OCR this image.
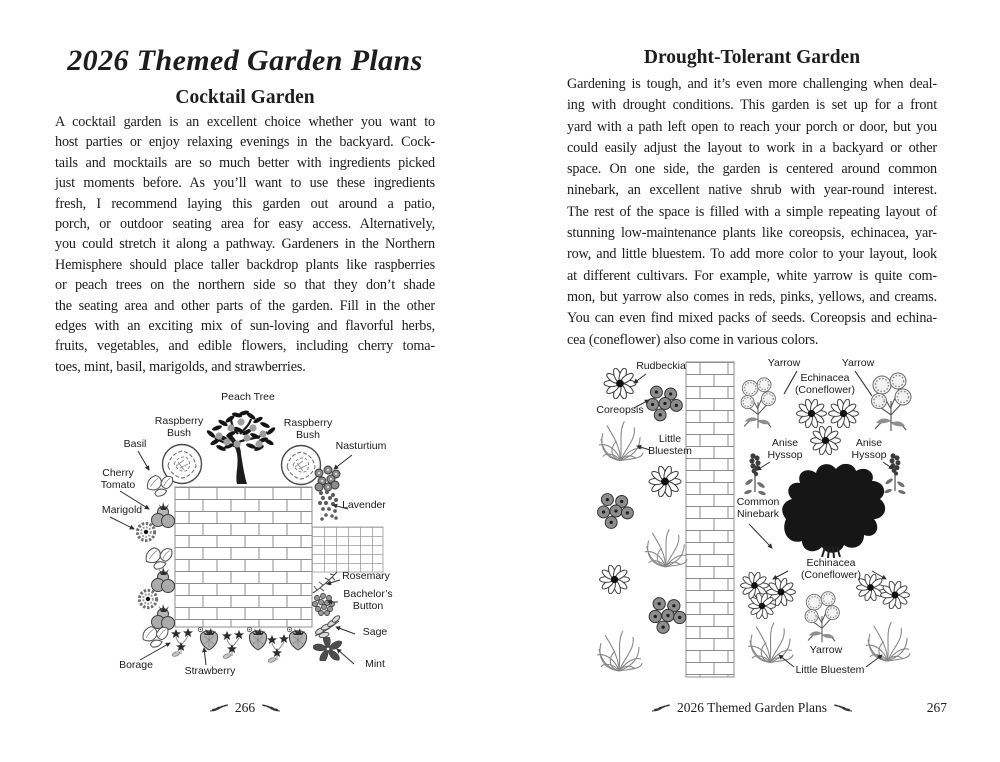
2026 Themed Garden Plans
Cocktail Garden
A cocktail garden is an excellent choice whether you want to
host parties or enjoy relaxing evenings in the backyard. Cock-
tails and mocktails are so much better with ingredients picked
just moments before. As you’ll want to use these ingredients
fresh, I recommend laying this garden out around a patio,
porch, or outdoor seating area for easy access. Alternatively,
you could stretch it along a pathway. Gardeners in the Northern
Hemisphere should place taller backdrop plants like raspberries
or peach trees on the northern side so that they don’t shade
the seating area and other parts of the garden. Fill in the other
edges with an exciting mix of sun-loving and flavorful herbs,
fruits, vegetables, and edible flowers, including cherry toma-
toes, mint, basil, marigolds, and strawberries.
Peach Tree
Raspberry Bush
Raspberry Bush
Basil
Cherry Tomato
Marigold
Nasturtium
Lavender
Rosemary
Bachelor’s Button
Sage
Mint
Borage	Strawberry
266
Drought-Tolerant Garden
Gardening is tough, and it’s even more challenging when deal-
ing with drought conditions. This garden is set up for a front
yard with a path left open to reach your porch or door, but you
could easily adjust the layout to work in a backyard or other
space. On one side, the garden is centered around common
ninebark, an excellent native shrub with year-round interest.
The rest of the space is filled with a simple repeating layout of
stunning low-maintenance plants like coreopsis, echinacea, yar-
row, and little bluestem. To add more color to your layout, look
at different cultivars. For example, white yarrow is quite com-
mon, but yarrow also comes in reds, pinks, yellows, and creams.
You can even find mixed packs of seeds. Coreopsis and echina-
cea (coneflower) also come in various colors.
Rudbeckia
Coreopsis
Little Bluestem
Yarrow	Yarrow
Echinacea (Coneflower)
Anise Hyssop
Anise Hyssop
Common Ninebark
Echinacea (Coneflower)
Yarrow
Little Bluestem
2026 Themed Garden Plans	267
